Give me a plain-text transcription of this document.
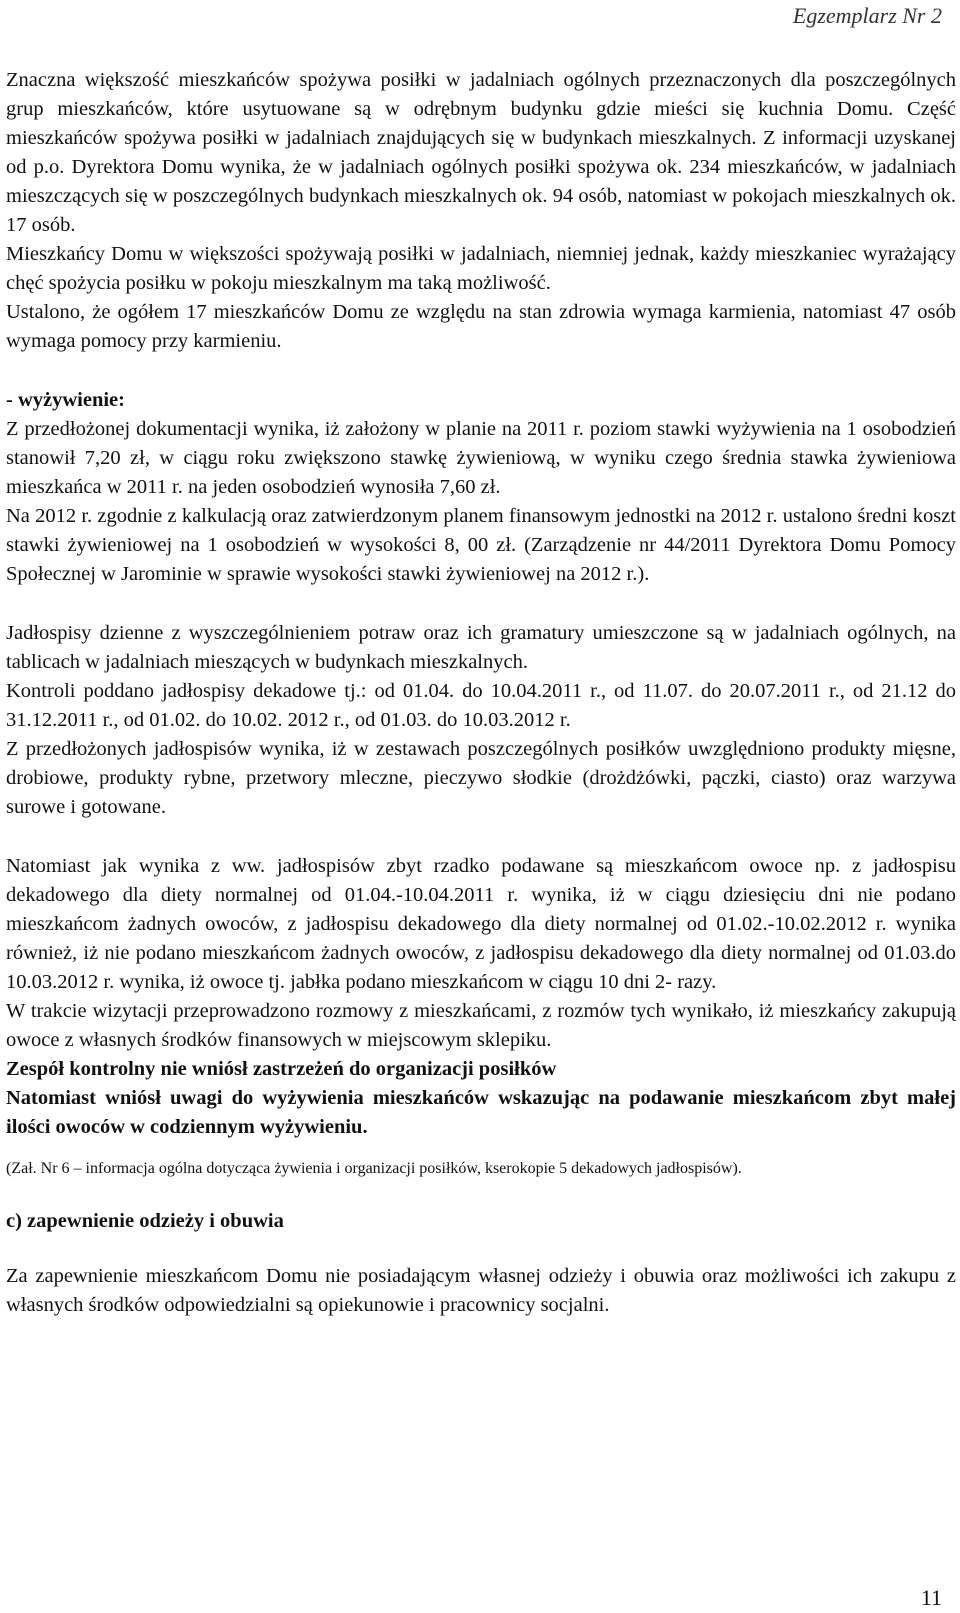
Egzemplarz Nr 2

Znaczna większość mieszkańców spożywa posiłki w jadalniach ogólnych przeznaczonych dla poszczególnych grup mieszkańców, które usytuowane są w odrębnym budynku gdzie mieści się kuchnia Domu. Część mieszkańców spożywa posiłki w jadalniach znajdujących się w budynkach mieszkalnych. Z informacji uzyskanej od p.o. Dyrektora Domu wynika, że w jadalniach ogólnych posiłki spożywa ok. 234 mieszkańców, w jadalniach mieszczących się w poszczególnych budynkach mieszkalnych ok. 94 osób, natomiast w pokojach mieszkalnych ok. 17 osób.

Mieszkańcy Domu w większości spożywają posiłki w jadalniach, niemniej jednak, każdy mieszkaniec wyrażający chęć spożycia posiłku w pokoju mieszkalnym ma taką możliwość.

Ustalono, że ogółem 17 mieszkańców Domu ze względu na stan zdrowia wymaga karmienia, natomiast 47 osób wymaga pomocy przy karmieniu.

- wyżywienie:

Z przedłożonej dokumentacji wynika, iż założony w planie na 2011 r. poziom stawki wyżywienia na 1 osobodzień stanowił 7,20 zł, w ciągu roku zwiększono stawkę żywieniową, w wyniku czego średnia stawka żywieniowa mieszkańca w 2011 r. na jeden osobodzień wynosiła 7,60 zł.

Na 2012 r. zgodnie z kalkulacją oraz zatwierdzonym planem finansowym jednostki na 2012 r. ustalono średni koszt stawki żywieniowej na 1 osobodzień w wysokości 8, 00 zł. (Zarządzenie nr 44/2011 Dyrektora Domu Pomocy Społecznej w Jarominie w sprawie wysokości stawki żywieniowej na 2012 r.).

Jadłospisy dzienne z wyszczególnieniem potraw oraz ich gramatury umieszczone są w jadalniach ogólnych, na tablicach w jadalniach mieszących w budynkach mieszkalnych.

Kontroli poddano jadłospisy dekadowe tj.: od 01.04. do 10.04.2011 r., od 11.07. do 20.07.2011 r., od 21.12 do 31.12.2011 r., od 01.02. do 10.02. 2012 r., od 01.03. do 10.03.2012 r.

Z przedłożonych jadłospisów wynika, iż w zestawach poszczególnych posiłków uwzględniono produkty mięsne, drobiowe, produkty rybne, przetwory mleczne, pieczywo słodkie (drożdżówki, pączki, ciasto) oraz warzywa surowe i gotowane.

Natomiast jak wynika z ww. jadłospisów zbyt rzadko podawane są mieszkańcom owoce np. z jadłospisu dekadowego dla diety normalnej od 01.04.-10.04.2011 r. wynika, iż w ciągu dziesięciu dni nie podano mieszkańcom żadnych owoców, z jadłospisu dekadowego dla diety normalnej od 01.02.-10.02.2012 r. wynika również, iż nie podano mieszkańcom żadnych owoców, z jadłospisu dekadowego dla diety normalnej od 01.03.do 10.03.2012 r. wynika, iż owoce tj. jabłka podano mieszkańcom w ciągu 10 dni 2- razy.

W trakcie wizytacji przeprowadzono rozmowy z mieszkańcami, z rozmów tych wynikało, iż mieszkańcy zakupują owoce z własnych środków finansowych w miejscowym sklepiku.

Zespół kontrolny nie wniósł zastrzeżeń do organizacji posiłków

Natomiast wniósł uwagi do wyżywienia mieszkańców wskazując na podawanie mieszkańcom zbyt małej ilości owoców w codziennym wyżywieniu.

(Zał. Nr 6 – informacja ogólna dotycząca żywienia i organizacji posiłków, kserokopie 5 dekadowych jadłospisów).

c) zapewnienie odzieży i obuwia

Za zapewnienie mieszkańcom Domu nie posiadającym własnej odzieży i obuwia oraz możliwości ich zakupu z własnych środków odpowiedzialni są opiekunowie i pracownicy socjalni.

11
